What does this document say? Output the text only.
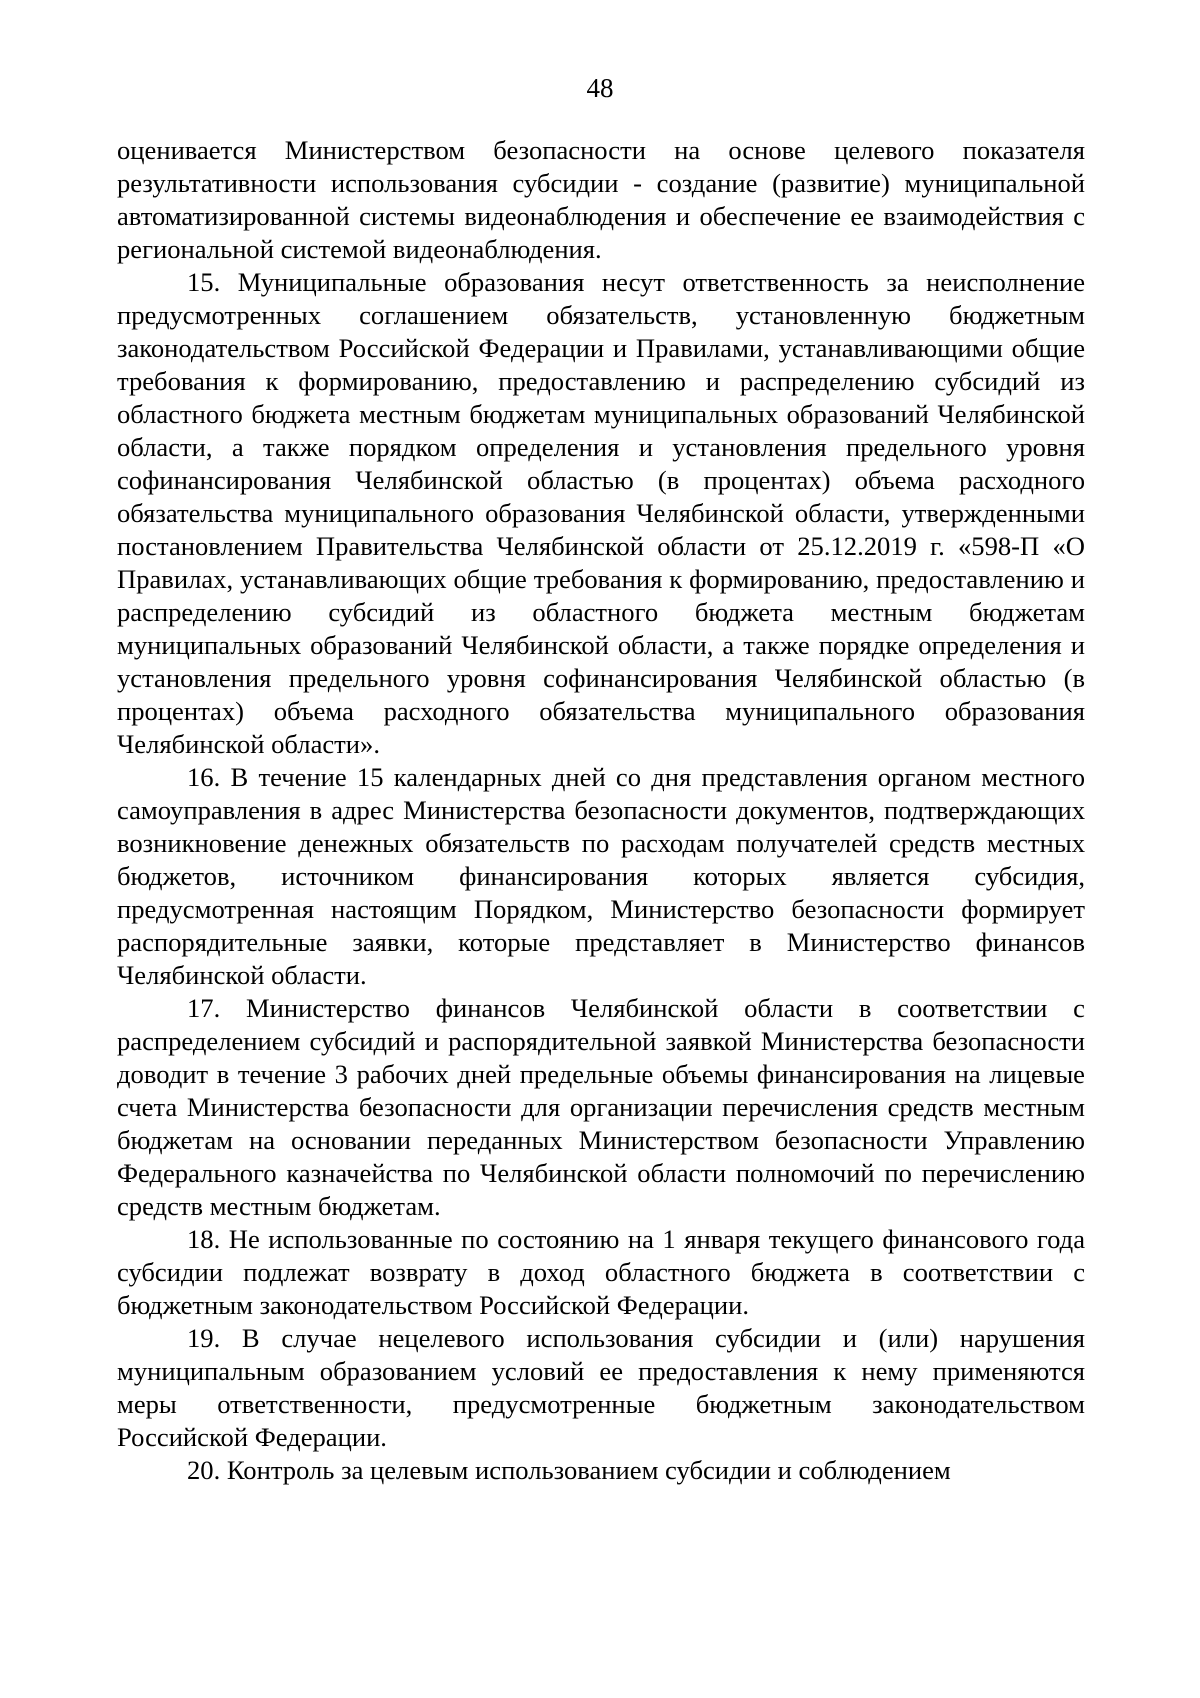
48

оценивается Министерством безопасности на основе целевого показателя результативности использования субсидии - создание (развитие) муниципальной автоматизированной системы видеонаблюдения и обеспечение ее взаимодействия с региональной системой видеонаблюдения.

15. Муниципальные образования несут ответственность за неисполнение предусмотренных соглашением обязательств, установленную бюджетным законодательством Российской Федерации и Правилами, устанавливающими общие требования к формированию, предоставлению и распределению субсидий из областного бюджета местным бюджетам муниципальных образований Челябинской области, а также порядком определения и установления предельного уровня софинансирования Челябинской областью (в процентах) объема расходного обязательства муниципального образования Челябинской области, утвержденными постановлением Правительства Челябинской области от 25.12.2019 г. «598-П «О Правилах, устанавливающих общие требования к формированию, предоставлению и распределению субсидий из областного бюджета местным бюджетам муниципальных образований Челябинской области, а также порядке определения и установления предельного уровня софинансирования Челябинской областью (в процентах) объема расходного обязательства муниципального образования Челябинской области».

16. В течение 15 календарных дней со дня представления органом местного самоуправления в адрес Министерства безопасности документов, подтверждающих возникновение денежных обязательств по расходам получателей средств местных бюджетов, источником финансирования которых является субсидия, предусмотренная настоящим Порядком, Министерство безопасности формирует распорядительные заявки, которые представляет в Министерство финансов Челябинской области.

17. Министерство финансов Челябинской области в соответствии с распределением субсидий и распорядительной заявкой Министерства безопасности доводит в течение 3 рабочих дней предельные объемы финансирования на лицевые счета Министерства безопасности для организации перечисления средств местным бюджетам на основании переданных Министерством безопасности Управлению Федерального казначейства по Челябинской области полномочий по перечислению средств местным бюджетам.

18. Не использованные по состоянию на 1 января текущего финансового года субсидии подлежат возврату в доход областного бюджета в соответствии с бюджетным законодательством Российской Федерации.

19. В случае нецелевого использования субсидии и (или) нарушения муниципальным образованием условий ее предоставления к нему применяются меры ответственности, предусмотренные бюджетным законодательством Российской Федерации.

20. Контроль за целевым использованием субсидии и соблюдением
